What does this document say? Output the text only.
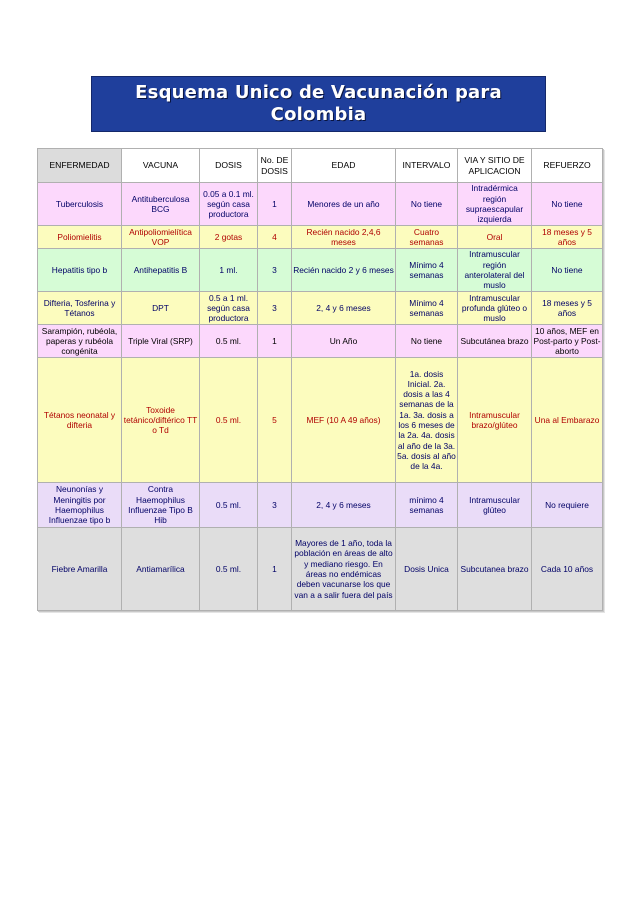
Esquema Unico de Vacunación para
Colombia
ENFERMEDAD	VACUNA	DOSIS	No. DE DOSIS	EDAD	INTERVALO	VIA Y SITIO DE APLICACION	REFUERZO
Tuberculosis	Antituberculosa BCG	0.05 a 0.1 ml. según casa productora	1	Menores de un año	No tiene	Intradérmica región supraescapular izquierda	No tiene
Poliomielitis	Antipoliomielítica VOP	2 gotas	4	Recién nacido 2,4,6 meses	Cuatro semanas	Oral	18 meses y 5 años
Hepatitis tipo b	Antihepatitis B	1 ml.	3	Recién nacido 2 y 6 meses	Mínimo 4 semanas	Intramuscular región anterolateral del muslo	No tiene
Difteria, Tosferina y Tétanos	DPT	0.5 a 1 ml. según casa productora	3	2, 4 y 6 meses	Mínimo 4 semanas	Intramuscular profunda glúteo o muslo	18 meses y 5 años
Sarampión, rubéola, paperas y rubéola congénita	Triple Viral (SRP)	0.5 ml.	1	Un Año	No tiene	Subcutánea brazo	10 años, MEF en Post-parto y Post-aborto
Tétanos neonatal y difteria	Toxoide tetánico/diftérico TT o Td	0.5 ml.	5	MEF (10 A 49 años)	1a. dosis Inicial. 2a. dosis a las 4 semanas de la 1a. 3a. dosis a los 6 meses de la 2a. 4a. dosis al año de la 3a. 5a. dosis al año de la 4a.	Intramuscular brazo/glúteo	Una al Embarazo
Neunonías y Meningitis por Haemophilus Influenzae tipo b	Contra Haemophilus Influenzae Tipo B Hib	0.5 ml.	3	2, 4 y 6 meses	mínimo 4 semanas	Intramuscular glúteo	No requiere
Fiebre Amarilla	Antiamarílica	0.5 ml.	1	Mayores de 1 año, toda la población en áreas de alto y mediano riesgo. En áreas no endémicas deben vacunarse los que van a a salir fuera del país	Dosis Unica	Subcutanea brazo	Cada 10 años
